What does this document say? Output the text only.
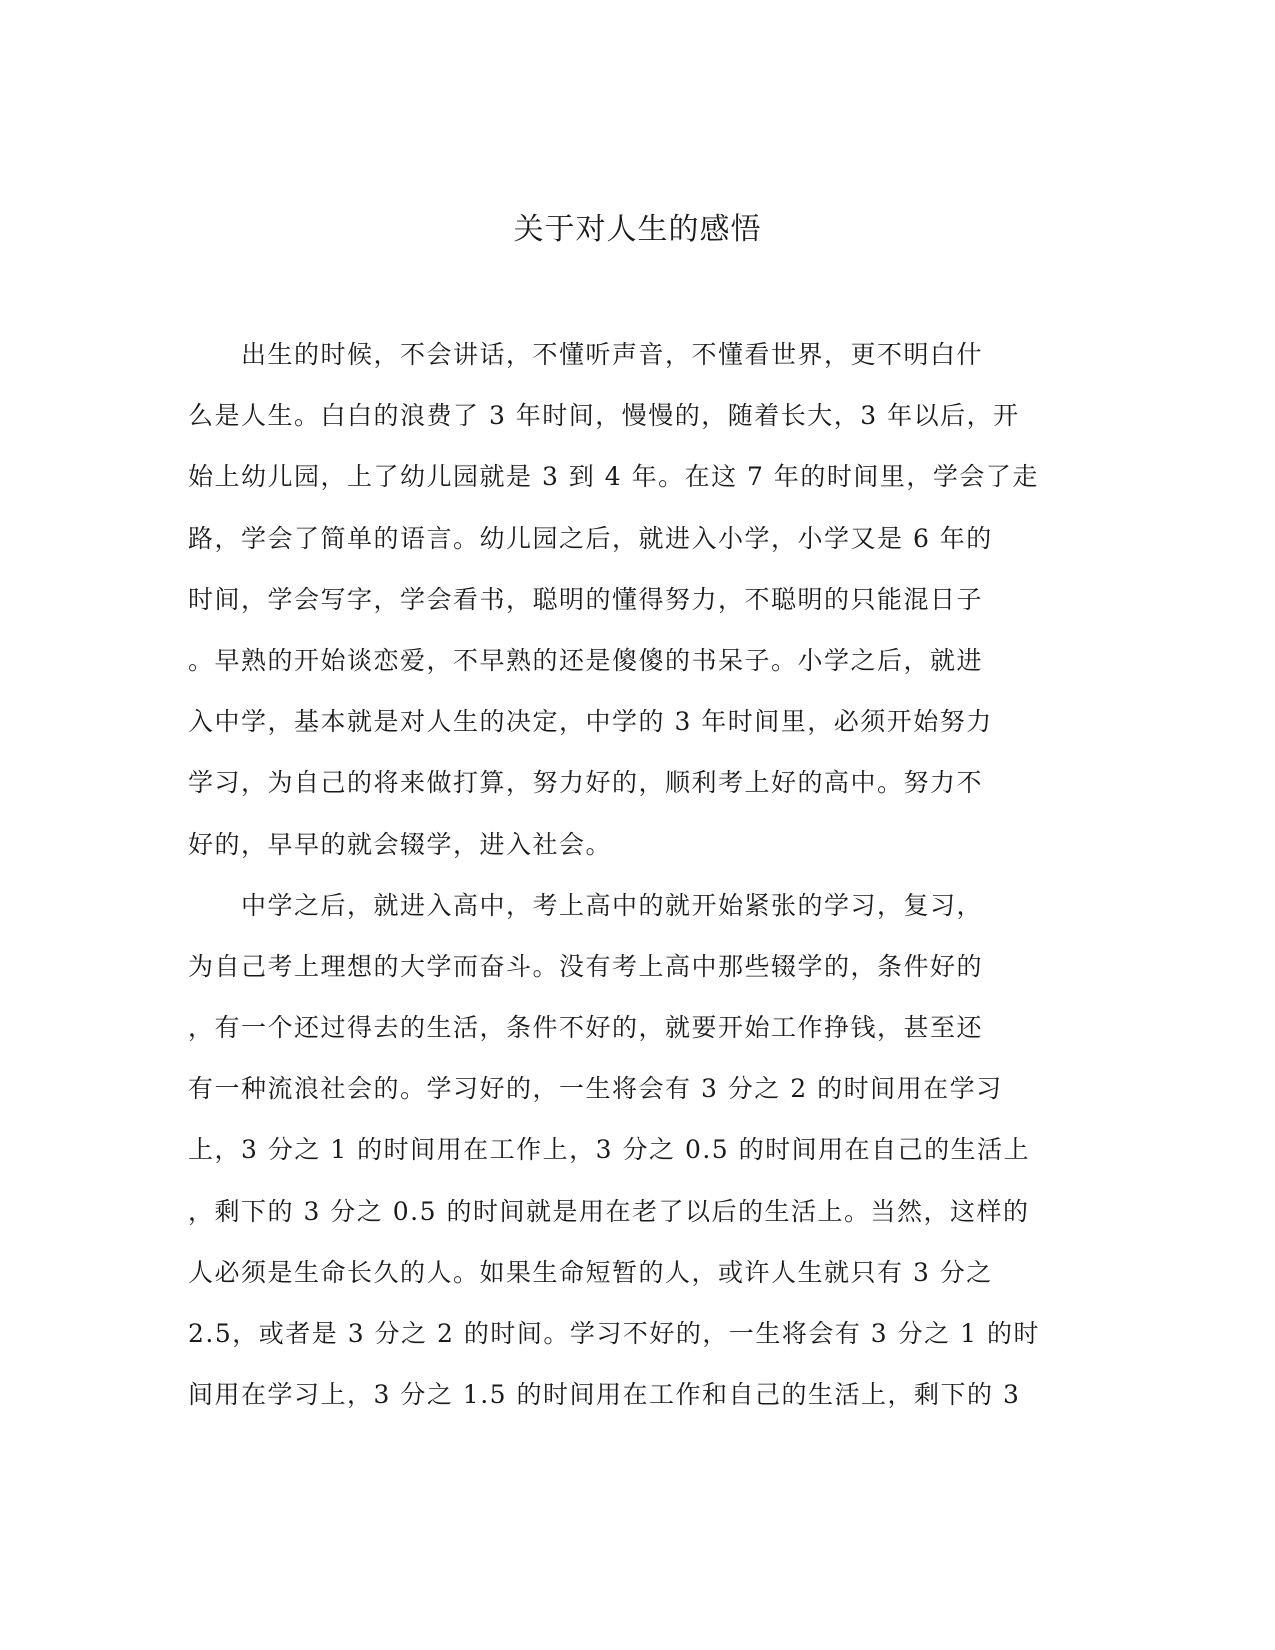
关于对人生的感悟
　　出生的时候，不会讲话，不懂听声音，不懂看世界，更不明白什
么是人生。白白的浪费了 3 年时间，慢慢的，随着长大，3 年以后，开
始上幼儿园，上了幼儿园就是 3 到 4 年。在这 7 年的时间里，学会了走
路，学会了简单的语言。幼儿园之后，就进入小学，小学又是 6 年的
时间，学会写字，学会看书，聪明的懂得努力，不聪明的只能混日子
。早熟的开始谈恋爱，不早熟的还是傻傻的书呆子。小学之后，就进
入中学，基本就是对人生的决定，中学的 3 年时间里，必须开始努力
学习，为自己的将来做打算，努力好的，顺利考上好的高中。努力不
好的，早早的就会辍学，进入社会。
　　中学之后，就进入高中，考上高中的就开始紧张的学习，复习，
为自己考上理想的大学而奋斗。没有考上高中那些辍学的，条件好的
，有一个还过得去的生活，条件不好的，就要开始工作挣钱，甚至还
有一种流浪社会的。学习好的，一生将会有 3 分之 2 的时间用在学习
上，3 分之 1 的时间用在工作上，3 分之 0.5 的时间用在自己的生活上
，剩下的 3 分之 0.5 的时间就是用在老了以后的生活上。当然，这样的
人必须是生命长久的人。如果生命短暂的人，或许人生就只有 3 分之
2.5，或者是 3 分之 2 的时间。学习不好的，一生将会有 3 分之 1 的时
间用在学习上，3 分之 1.5 的时间用在工作和自己的生活上，剩下的 3
